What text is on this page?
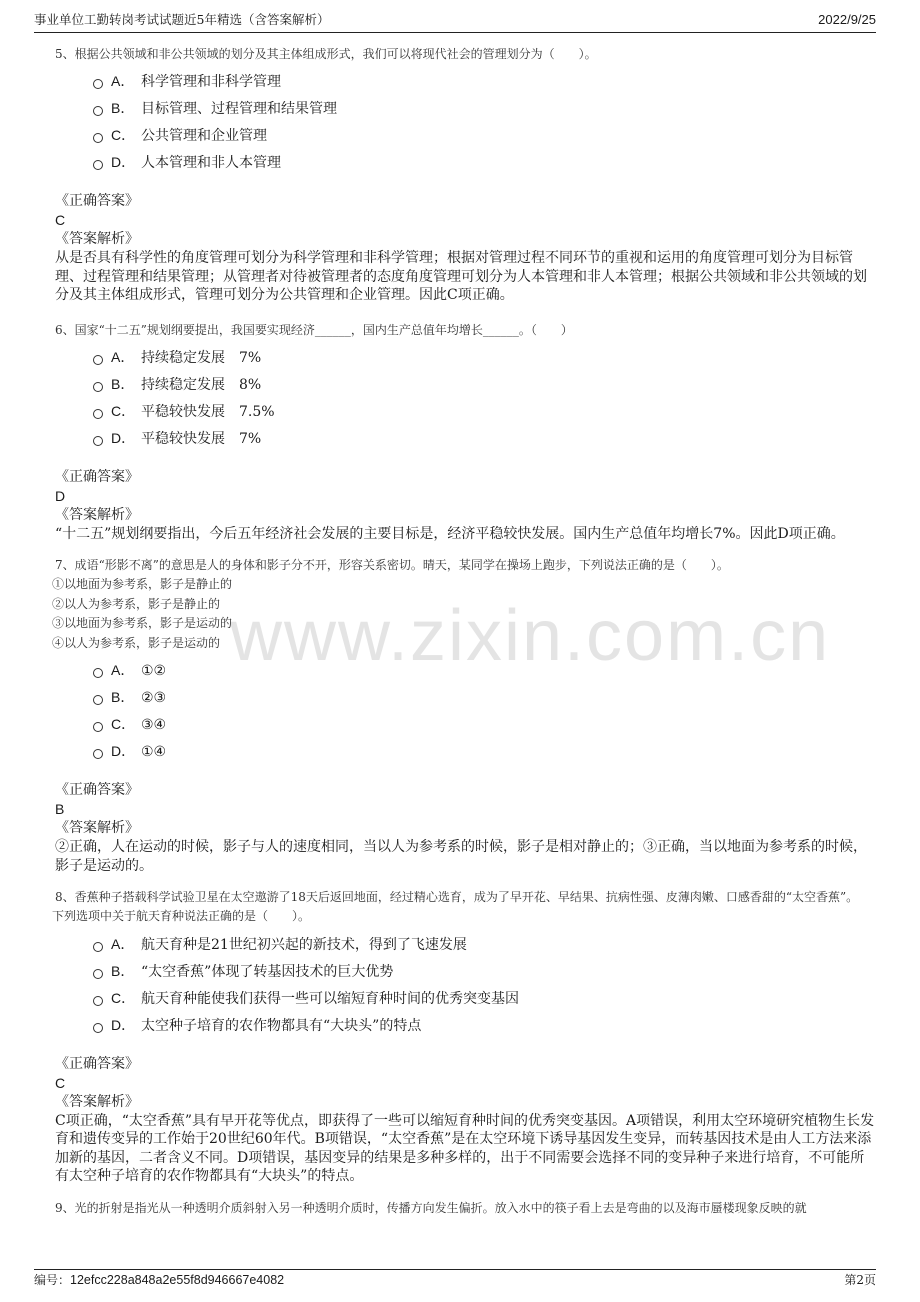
事业单位工勤转岗考试试题近5年精选（含答案解析）	2022/9/25
www.zixin.com.cn

5、根据公共领域和非公共领域的划分及其主体组成形式，我们可以将现代社会的管理划分为（　　）。

A． 科学管理和非科学管理
B． 目标管理、过程管理和结果管理
C． 公共管理和企业管理
D． 人本管理和非人本管理
《正确答案》
C
《答案解析》

从是否具有科学性的角度管理可划分为科学管理和非科学管理；根据对管理过程不同环节的重视和运用的角度管理可划分为目标管理、过程管理和结果管理；从管理者对待被管理者的态度角度管理可划分为人本管理和非人本管理；根据公共领域和非公共领域的划分及其主体组成形式，管理可划分为公共管理和企业管理。因此C项正确。

6、国家“十二五”规划纲要提出，我国要实现经济______，国内生产总值年均增长______。（　　）

A． 持续稳定发展　7%
B． 持续稳定发展　8%
C． 平稳较快发展　7.5%
D． 平稳较快发展　7%
《正确答案》
D
《答案解析》

“十二五”规划纲要指出，今后五年经济社会发展的主要目标是，经济平稳较快发展。国内生产总值年均增长7%。因此D项正确。

7、成语“形影不离”的意思是人的身体和影子分不开，形容关系密切。晴天，某同学在操场上跑步，下列说法正确的是（　　）。

①以地面为参考系，影子是静止的

②以人为参考系，影子是静止的

③以地面为参考系，影子是运动的

④以人为参考系，影子是运动的

A． ①②
B． ②③
C． ③④
D． ①④
《正确答案》
B
《答案解析》

②正确，人在运动的时候，影子与人的速度相同，当以人为参考系的时候，影子是相对静止的；③正确，当以地面为参考系的时候，影子是运动的。

8、香蕉种子搭载科学试验卫星在太空遨游了18天后返回地面，经过精心选育，成为了早开花、早结果、抗病性强、皮薄肉嫩、口感香甜的“太空香蕉”。

下列选项中关于航天育种说法正确的是（　　）。

A． 航天育种是21世纪初兴起的新技术，得到了飞速发展
B． “太空香蕉”体现了转基因技术的巨大优势
C． 航天育种能使我们获得一些可以缩短育种时间的优秀突变基因
D． 太空种子培育的农作物都具有“大块头”的特点
《正确答案》
C
《答案解析》

C项正确，“太空香蕉”具有早开花等优点，即获得了一些可以缩短育种时间的优秀突变基因。A项错误，利用太空环境研究植物生长发育和遗传变异的工作始于20世纪60年代。B项错误，“太空香蕉”是在太空环境下诱导基因发生变异，而转基因技术是由人工方法来添加新的基因，二者含义不同。D项错误，基因变异的结果是多种多样的，出于不同需要会选择不同的变异种子来进行培育，不可能所有太空种子培育的农作物都具有“大块头”的特点。

9、光的折射是指光从一种透明介质斜射入另一种透明介质时，传播方向发生偏折。放入水中的筷子看上去是弯曲的以及海市蜃楼现象反映的就

编号：12efcc228a848a2e55f8d946667e4082	第2页
